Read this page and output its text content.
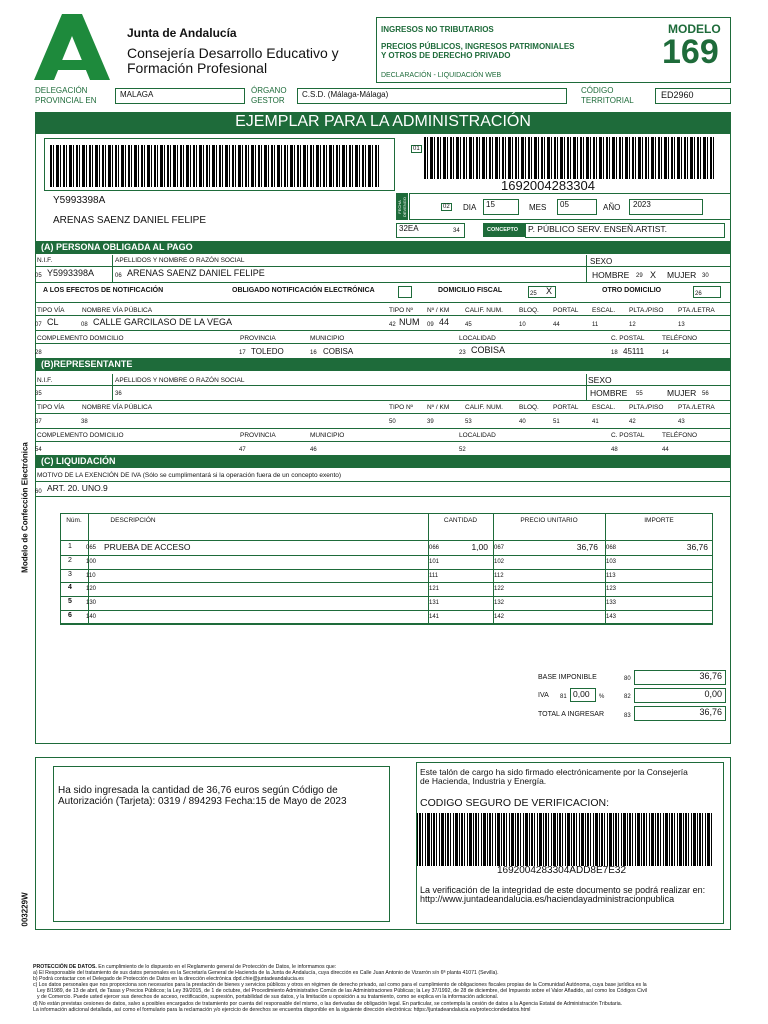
Junta de Andalucía
Consejería Desarrollo Educativo y
Formación Profesional
INGRESOS NO TRIBUTARIOS
PRECIOS PÚBLICOS, INGRESOS PATRIMONIALES
Y OTROS DE DERECHO PRIVADO
DECLARACIÓN - LIQUIDACIÓN WEB
MODELO
169
DELEGACIÓN
PROVINCIAL EN
MALAGA	ÓRGANO
GESTOR
C.S.D. (Málaga-Málaga)	CÓDIGO
TERRITORIAL
ED2960
EJEMPLAR PARA LA ADMINISTRACIÓN
01
1692004283304
Y5993398A
ARENAS SAENZ DANIEL FELIPE
FECHA DEVENGO	02 DIA 15	MES 05	AÑO 2023
32EA	34	CONCEPTO P. PÚBLICO SERV. ENSEÑ.ARTIST.
(A) PERSONA OBLIGADA AL PAGO
N.I.F.	APELLIDOS Y NOMBRE O RAZÓN SOCIAL	SEXO
05 Y5993398A	06 ARENAS SAENZ DANIEL FELIPE	HOMBRE 29 X MUJER 30
A LOS EFECTOS DE NOTIFICACIÓN	OBLIGADO NOTIFICACIÓN ELECTRÓNICA	DOMICILIO FISCAL	25 X	OTRO DOMICILIO	26
TIPO VÍA	NOMBRE VÍA PÚBLICA	TIPO Nº Nº / KM CALIF. NUM. BLOQ. PORTAL ESCAL. PLTA./PISO PTA./LETRA
07 CL	08 CALLE GARCILASO DE LA VEGA	42 NUM 09 44	45	10	44	11	12	13
COMPLEMENTO DOMICILIO	PROVINCIA	MUNICIPIO	LOCALIDAD	C. POSTAL	TELÉFONO
28	17 TOLEDO	16 COBISA	23 COBISA	18 45111	14
(B)REPRESENTANTE
N.I.F.	APELLIDOS Y NOMBRE O RAZÓN SOCIAL	SEXO
35	36	HOMBRE 55	MUJER 56
TIPO VÍA	NOMBRE VÍA PÚBLICA	TIPO Nº Nº / KM CALIF. NUM. BLOQ. PORTAL ESCAL. PLTA./PISO PTA./LETRA
37	38	50	39	53	40	51	41	42	43
COMPLEMENTO DOMICILIO	PROVINCIA	MUNICIPIO	LOCALIDAD	C. POSTAL	TELÉFONO
54	47	46	52	48	44
(C) LIQUIDACIÓN
MOTIVO DE LA EXENCIÓN DE IVA (Sólo se cumplimentará si la operación fuera de un concepto exento)
60 ART. 20. UNO.9
Núm.	DESCRIPCIÓN	CANTIDAD	PRECIO UNITARIO	IMPORTE
1	065 PRUEBA DE ACCESO	066	1,00 067	36,76 068	36,76
2	100	101	102	103
3	110	111	112	113
4	120	121	122	123
5	130	131	132	133
6	140	141	142	143
BASE IMPONIBLE	80	36,76
IVA 81 0,00 %	82	0,00
TOTAL A INGRESAR	83	36,76
Modelo de Confección Electrónica
003229W
Ha sido ingresada la cantidad de 36,76 euros según Código de
Autorización (Tarjeta): 0319 / 894293 Fecha:15 de Mayo de 2023
Este talón de cargo ha sido firmado electrónicamente por la Consejería
de Hacienda, Industria y Energía.
CODIGO SEGURO DE VERIFICACION:
1692004283304ADD8E7E32
La verificación de la integridad de este documento se podrá realizar en:
http://www.juntadeandalucia.es/haciendayadministracionpublica
PROTECCIÓN DE DATOS. En cumplimiento de lo dispuesto en el Reglamento general de Protección de Datos, le informamos que:
a) El Responsable del tratamiento de sus datos personales es la Secretaría General de Hacienda de la Junta de Andalucía, cuya dirección es Calle Juan Antonio de Vizarrón s/n 6ª planta 41071 (Sevilla).
b) Podrá contactar con el Delegado de Protección de Datos en la dirección electrónica dpd.chie@juntadeandalucia.es
c) Los datos personales que nos proporciona son necesarios para la prestación de bienes y servicios públicos y otros en régimen de derecho privado, así como para el cumplimiento de obligaciones fiscales propias de la Comunidad Autónoma, cuya base jurídica es la
Ley 8/1989, de 13 de abril, de Tasas y Precios Públicos; la Ley 39/2015, de 1 de octubre, del Procedimiento Administrativo Común de las Administraciones Públicas; la Ley 37/1992, de 28 de diciembre, del Impuesto sobre el Valor Añadido, así como los Códigos Civil
y de Comercio. Puede usted ejercer sus derechos de acceso, rectificación, supresión, portabilidad de sus datos, y la limitación u oposición a su tratamiento, como se explica en la información adicional.
d) No están previstas cesiones de datos, salvo a posibles encargados de tratamiento por cuenta del responsable del mismo, o las derivadas de obligación legal. En particular, se contempla la cesión de datos a la Agencia Estatal de Administración Tributaria.
La información adicional detallada, así como el formulario para la reclamación y/o ejercicio de derechos se encuentra disponible en la siguiente dirección electrónica: https://juntadeandalucia.es/protecciondedatos.html
